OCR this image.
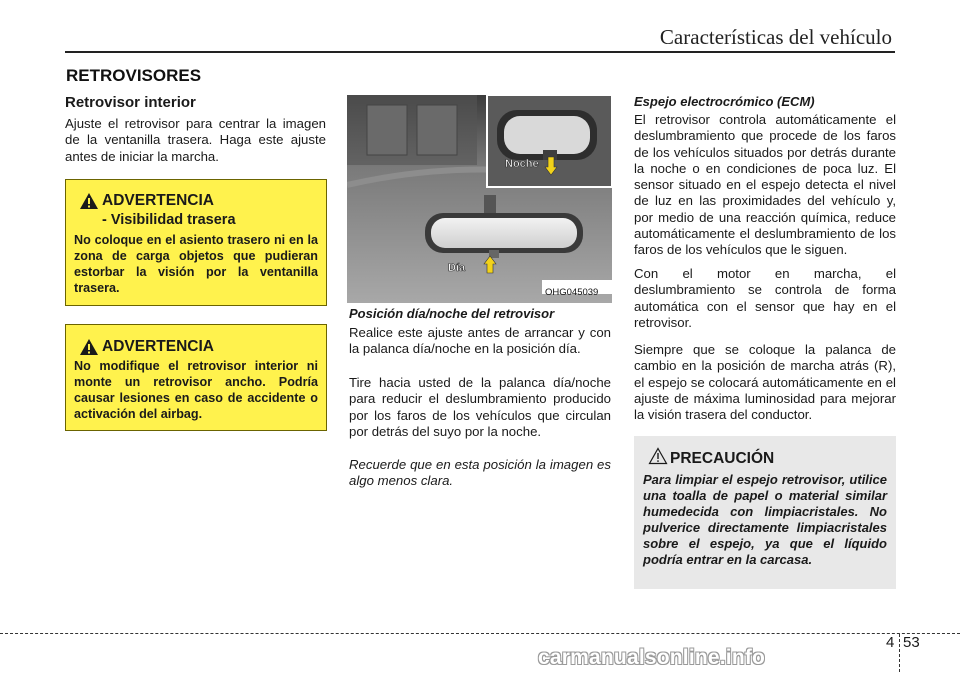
Características del vehículo
RETROVISORES
Retrovisor interior

Ajuste el retrovisor para centrar la imagen de la ventanilla trasera. Haga este ajuste antes de iniciar la marcha.

ADVERTENCIA
- Visibilidad trasera

No coloque en el asiento trasero ni en la zona de carga objetos que pudieran estorbar la visión por la ventanilla trasera.

ADVERTENCIA

No modifique el retrovisor interior ni monte un retrovisor ancho. Podría causar lesiones en caso de accidente o activación del airbag.

Día
Noche
OHG045039
Posición día/noche del retrovisor

Realice este ajuste antes de arrancar y con la palanca día/noche en la posición día.

Tire hacia usted de la palanca día/noche para reducir el deslumbramiento producido por los faros de los vehículos que circulan por detrás del suyo por la noche.

Recuerde que en esta posición la imagen es algo menos clara.

Espejo electrocrómico (ECM)

El retrovisor controla automáticamente el deslumbramiento que procede de los faros de los vehículos situados por detrás durante la noche o en condiciones de poca luz. El sensor situado en el espejo detecta el nivel de luz en las proximidades del vehículo y, por medio de una reacción química, reduce automáticamente el deslumbramiento de los faros de los vehículos que le siguen.

Con el motor en marcha, el deslumbramiento se controla de forma automática con el sensor que hay en el retrovisor.

Siempre que se coloque la palanca de cambio en la posición de marcha atrás (R), el espejo se colocará automáticamente en el ajuste de máxima luminosidad para mejorar la visión trasera del conductor.

PRECAUCIÓN

Para limpiar el espejo retrovisor, utilice una toalla de papel o material similar humedecida con limpiacristales. No pulverice directamente limpiacristales sobre el espejo, ya que el líquido podría entrar en la carcasa.

4 53
carmanualsonline.info
